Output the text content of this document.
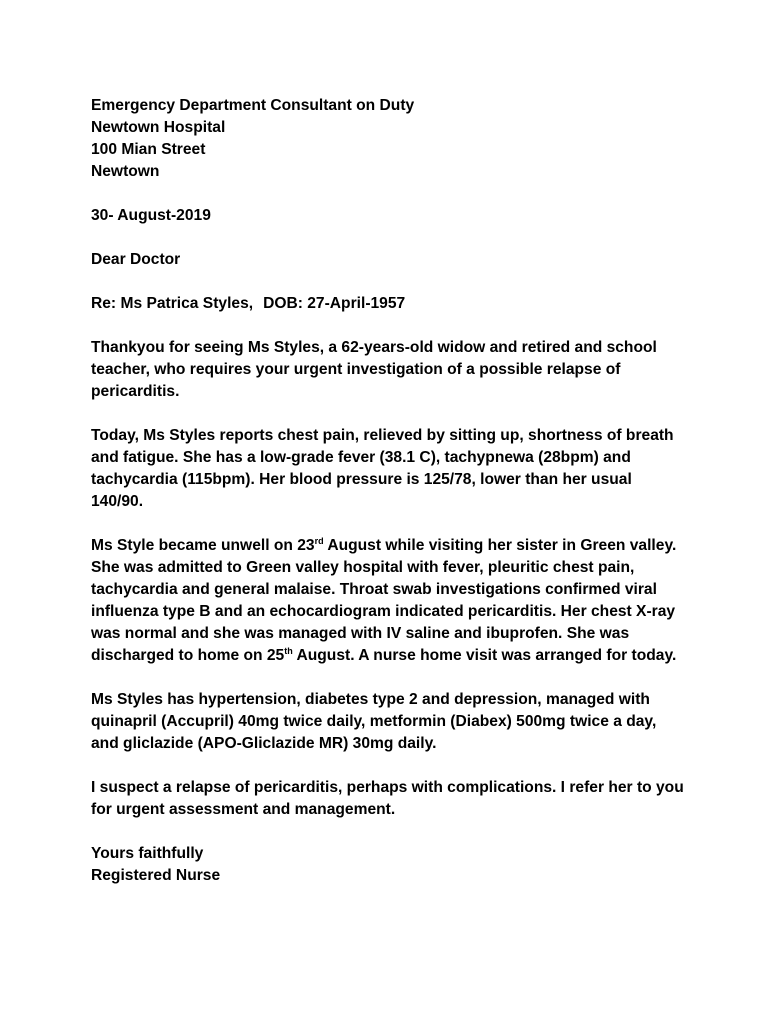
Emergency Department Consultant on Duty
Newtown Hospital
100 Mian Street
Newtown
30- August-2019
Dear Doctor
Re: Ms Patrica Styles, DOB: 27-April-1957
Thankyou for seeing Ms Styles, a 62-years-old widow and retired and school
teacher, who requires your urgent investigation of a possible relapse of
pericarditis.
Today, Ms Styles reports chest pain, relieved by sitting up, shortness of breath
and fatigue. She has a low-grade fever (38.1 C), tachypnewa (28bpm) and
tachycardia (115bpm). Her blood pressure is 125/78, lower than her usual
140/90.
Ms Style became unwell on 23rd August while visiting her sister in Green valley.
She was admitted to Green valley hospital with fever, pleuritic chest pain,
tachycardia and general malaise. Throat swab investigations confirmed viral
influenza type B and an echocardiogram indicated pericarditis. Her chest X-ray
was normal and she was managed with IV saline and ibuprofen. She was
discharged to home on 25th August. A nurse home visit was arranged for today.
Ms Styles has hypertension, diabetes type 2 and depression, managed with
quinapril (Accupril) 40mg twice daily, metformin (Diabex) 500mg twice a day,
and gliclazide (APO-Gliclazide MR) 30mg daily.
I suspect a relapse of pericarditis, perhaps with complications. I refer her to you
for urgent assessment and management.
Yours faithfully
Registered Nurse
